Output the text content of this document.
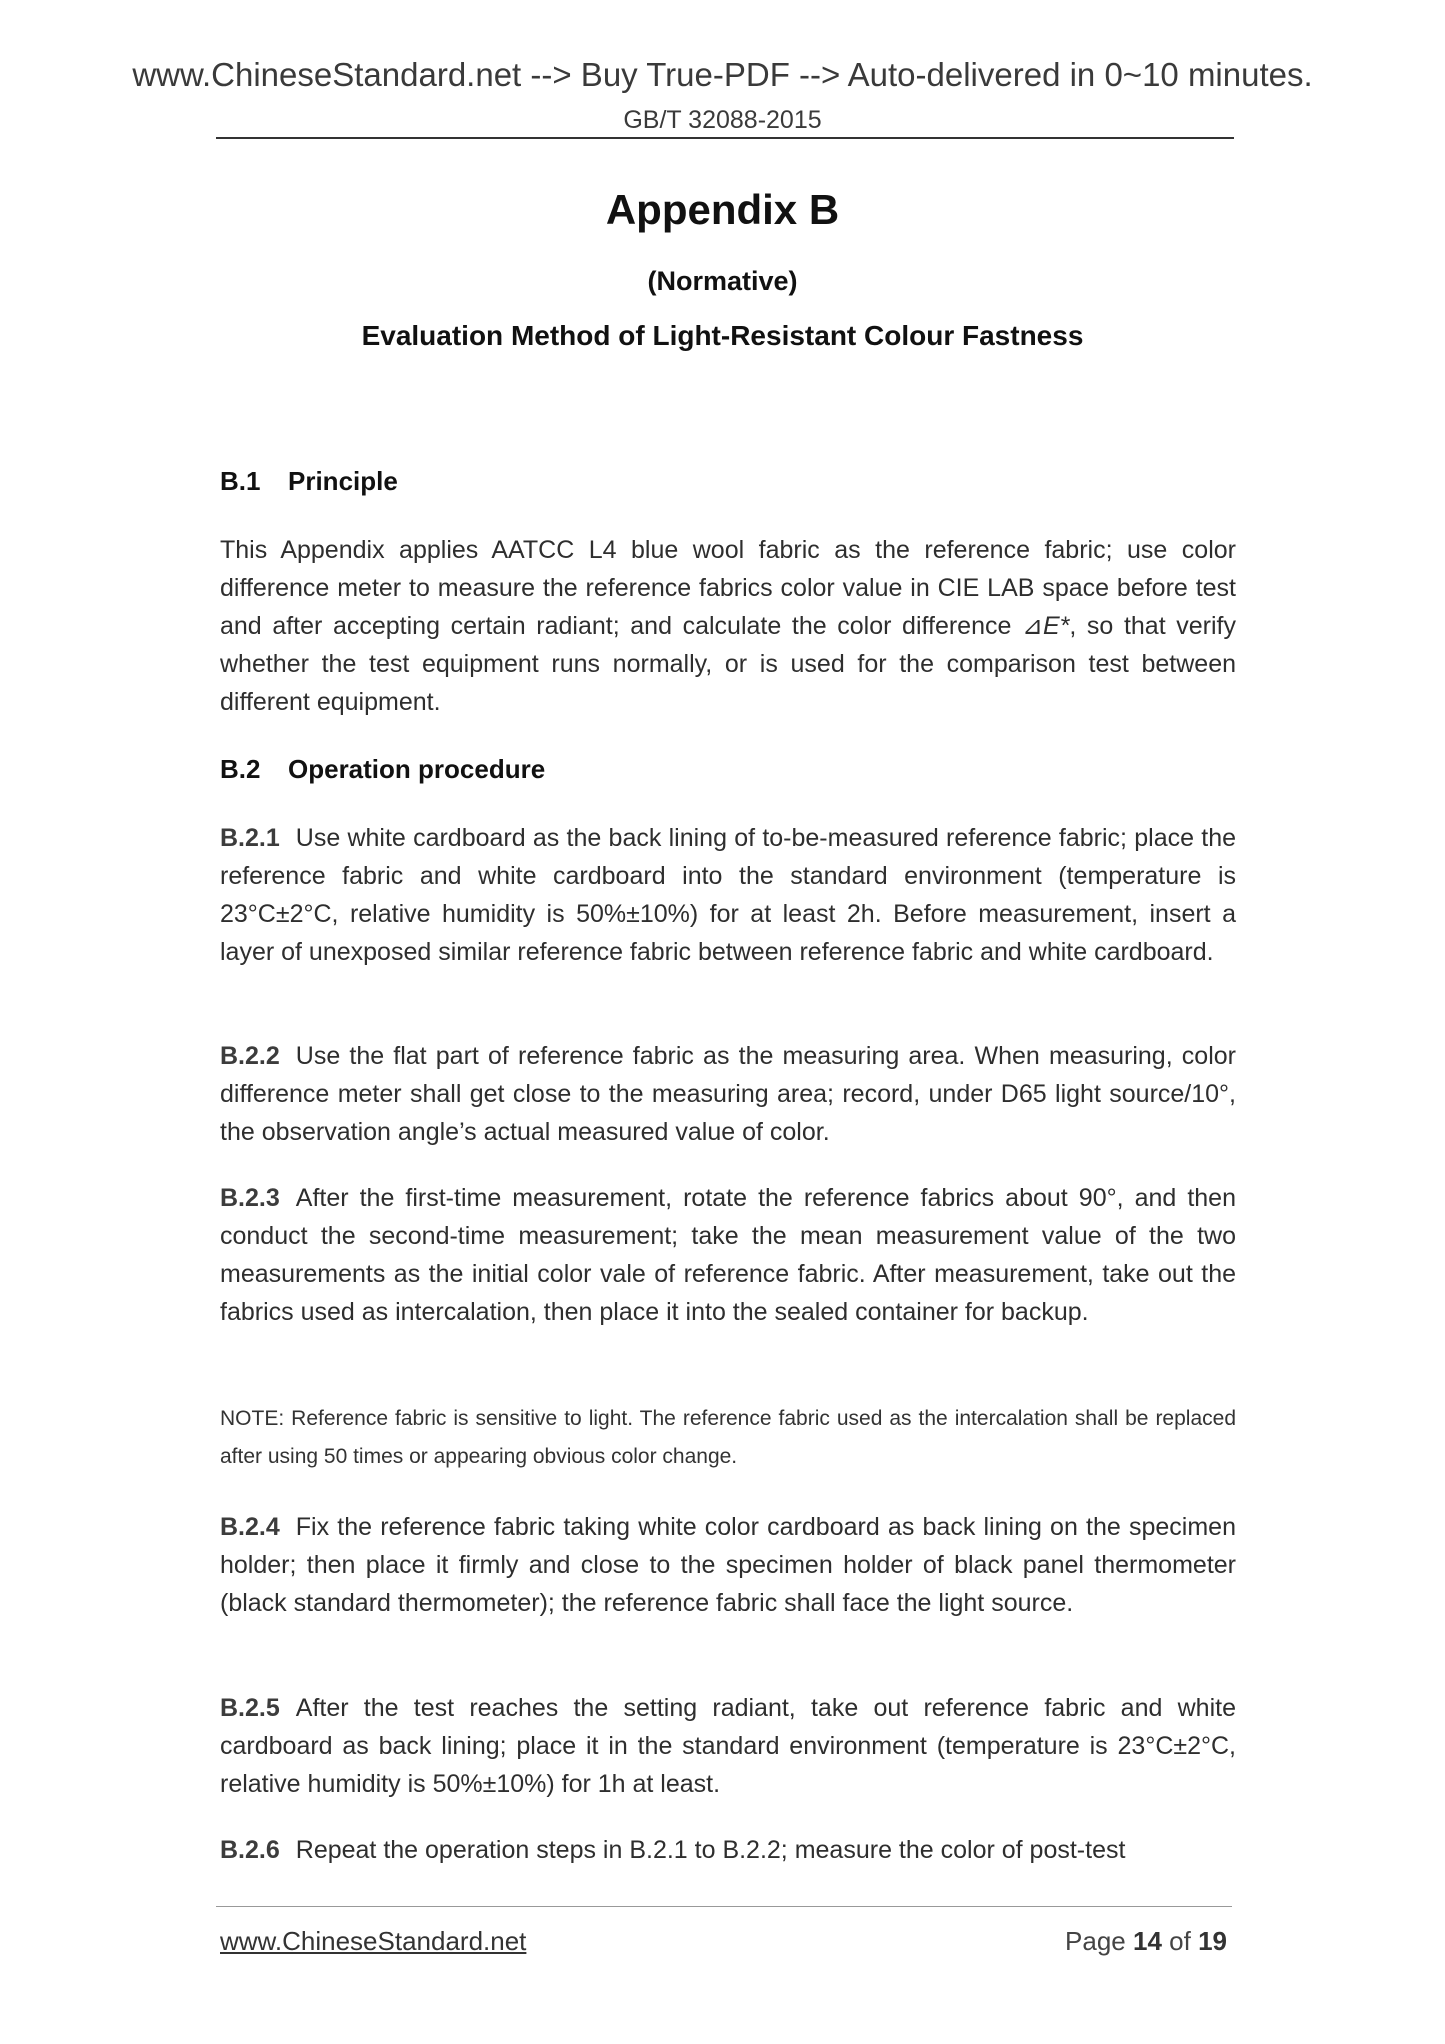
www.ChineseStandard.net --> Buy True-PDF --> Auto-delivered in 0~10 minutes.
GB/T 32088-2015
Appendix B
(Normative)
Evaluation Method of Light-Resistant Colour Fastness
B.1 Principle
This Appendix applies AATCC L4 blue wool fabric as the reference fabric; use color difference meter to measure the reference fabrics color value in CIE LAB space before test and after accepting certain radiant; and calculate the color difference ⊿E*, so that verify whether the test equipment runs normally, or is used for the comparison test between different equipment.
B.2 Operation procedure
B.2.1 Use white cardboard as the back lining of to-be-measured reference fabric; place the reference fabric and white cardboard into the standard environment (temperature is 23°C±2°C, relative humidity is 50%±10%) for at least 2h. Before measurement, insert a layer of unexposed similar reference fabric between reference fabric and white cardboard.
B.2.2 Use the flat part of reference fabric as the measuring area. When measuring, color difference meter shall get close to the measuring area; record, under D65 light source/10°, the observation angle’s actual measured value of color.
B.2.3 After the first-time measurement, rotate the reference fabrics about 90°, and then conduct the second-time measurement; take the mean measurement value of the two measurements as the initial color vale of reference fabric. After measurement, take out the fabrics used as intercalation, then place it into the sealed container for backup.
NOTE: Reference fabric is sensitive to light. The reference fabric used as the intercalation shall be replaced after using 50 times or appearing obvious color change.
B.2.4 Fix the reference fabric taking white color cardboard as back lining on the specimen holder; then place it firmly and close to the specimen holder of black panel thermometer (black standard thermometer); the reference fabric shall face the light source.
B.2.5 After the test reaches the setting radiant, take out reference fabric and white cardboard as back lining; place it in the standard environment (temperature is 23°C±2°C, relative humidity is 50%±10%) for 1h at least.
B.2.6 Repeat the operation steps in B.2.1 to B.2.2; measure the color of post-test
www.ChineseStandard.net	Page 14 of 19
